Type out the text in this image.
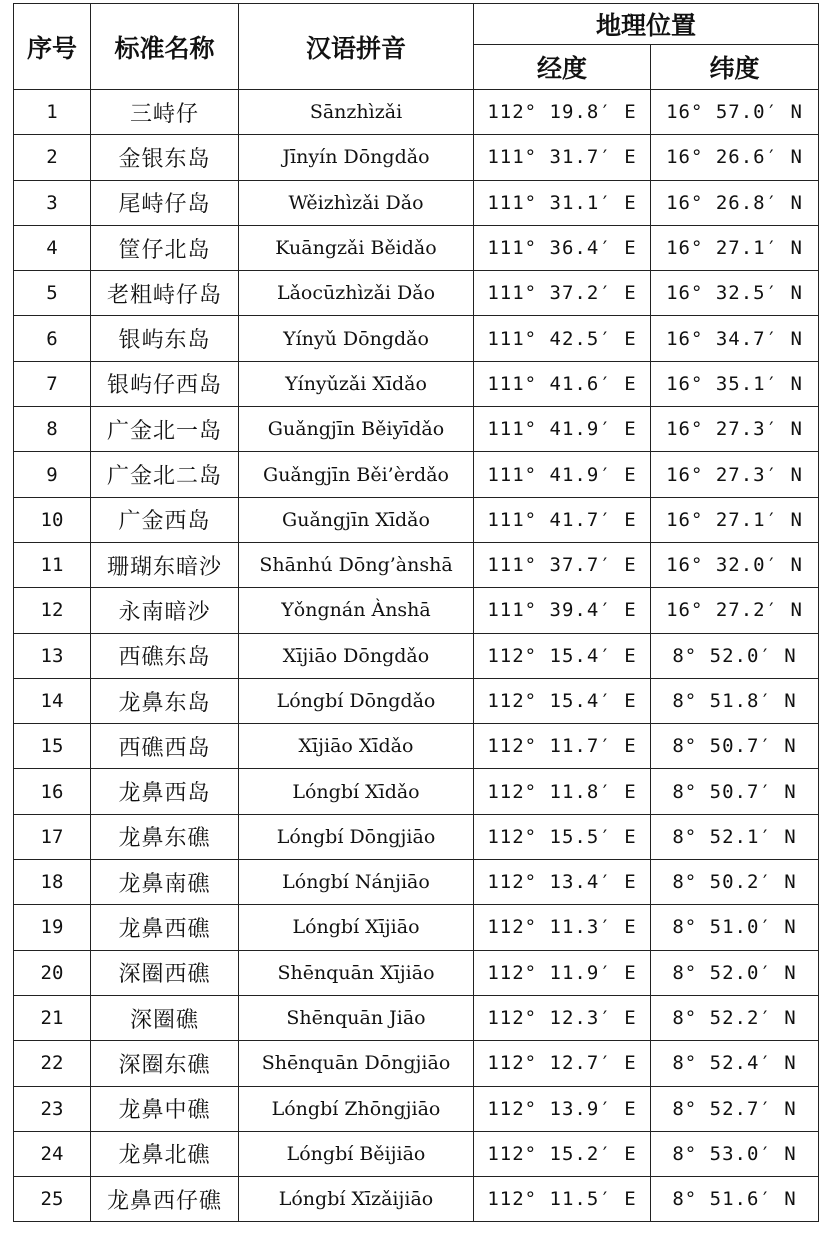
序号	标准名称	汉语拼音	地理位置	
			经度	纬度
1	三峙仔	Sānzhìzǎi	112° 19.8′ E	16° 57.0′ N
2	金银东岛	Jīnyín Dōngdǎo	111° 31.7′ E	16° 26.6′ N
3	尾峙仔岛	Wěizhìzǎi Dǎo	111° 31.1′ E	16° 26.8′ N
4	筐仔北岛	Kuāngzǎi Běidǎo	111° 36.4′ E	16° 27.1′ N
5	老粗峙仔岛	Lǎocūzhìzǎi Dǎo	111° 37.2′ E	16° 32.5′ N
6	银屿东岛	Yínyǔ Dōngdǎo	111° 42.5′ E	16° 34.7′ N
7	银屿仔西岛	Yínyǔzǎi Xīdǎo	111° 41.6′ E	16° 35.1′ N
8	广金北一岛	Guǎngjīn Běiyīdǎo	111° 41.9′ E	16° 27.3′ N
9	广金北二岛	Guǎngjīn Běi’èrdǎo	111° 41.9′ E	16° 27.3′ N
10	广金西岛	Guǎngjīn Xīdǎo	111° 41.7′ E	16° 27.1′ N
11	珊瑚东暗沙	Shānhú Dōng’ànshā	111° 37.7′ E	16° 32.0′ N
12	永南暗沙	Yǒngnán Ànshā	111° 39.4′ E	16° 27.2′ N
13	西礁东岛	Xījiāo Dōngdǎo	112° 15.4′ E	8° 52.0′ N
14	龙鼻东岛	Lóngbí Dōngdǎo	112° 15.4′ E	8° 51.8′ N
15	西礁西岛	Xījiāo Xīdǎo	112° 11.7′ E	8° 50.7′ N
16	龙鼻西岛	Lóngbí Xīdǎo	112° 11.8′ E	8° 50.7′ N
17	龙鼻东礁	Lóngbí Dōngjiāo	112° 15.5′ E	8° 52.1′ N
18	龙鼻南礁	Lóngbí Nánjiāo	112° 13.4′ E	8° 50.2′ N
19	龙鼻西礁	Lóngbí Xījiāo	112° 11.3′ E	8° 51.0′ N
20	深圈西礁	Shēnquān Xījiāo	112° 11.9′ E	8° 52.0′ N
21	深圈礁	Shēnquān Jiāo	112° 12.3′ E	8° 52.2′ N
22	深圈东礁	Shēnquān Dōngjiāo	112° 12.7′ E	8° 52.4′ N
23	龙鼻中礁	Lóngbí Zhōngjiāo	112° 13.9′ E	8° 52.7′ N
24	龙鼻北礁	Lóngbí Běijiāo	112° 15.2′ E	8° 53.0′ N
25	龙鼻西仔礁	Lóngbí Xīzǎijiāo	112° 11.5′ E	8° 51.6′ N
